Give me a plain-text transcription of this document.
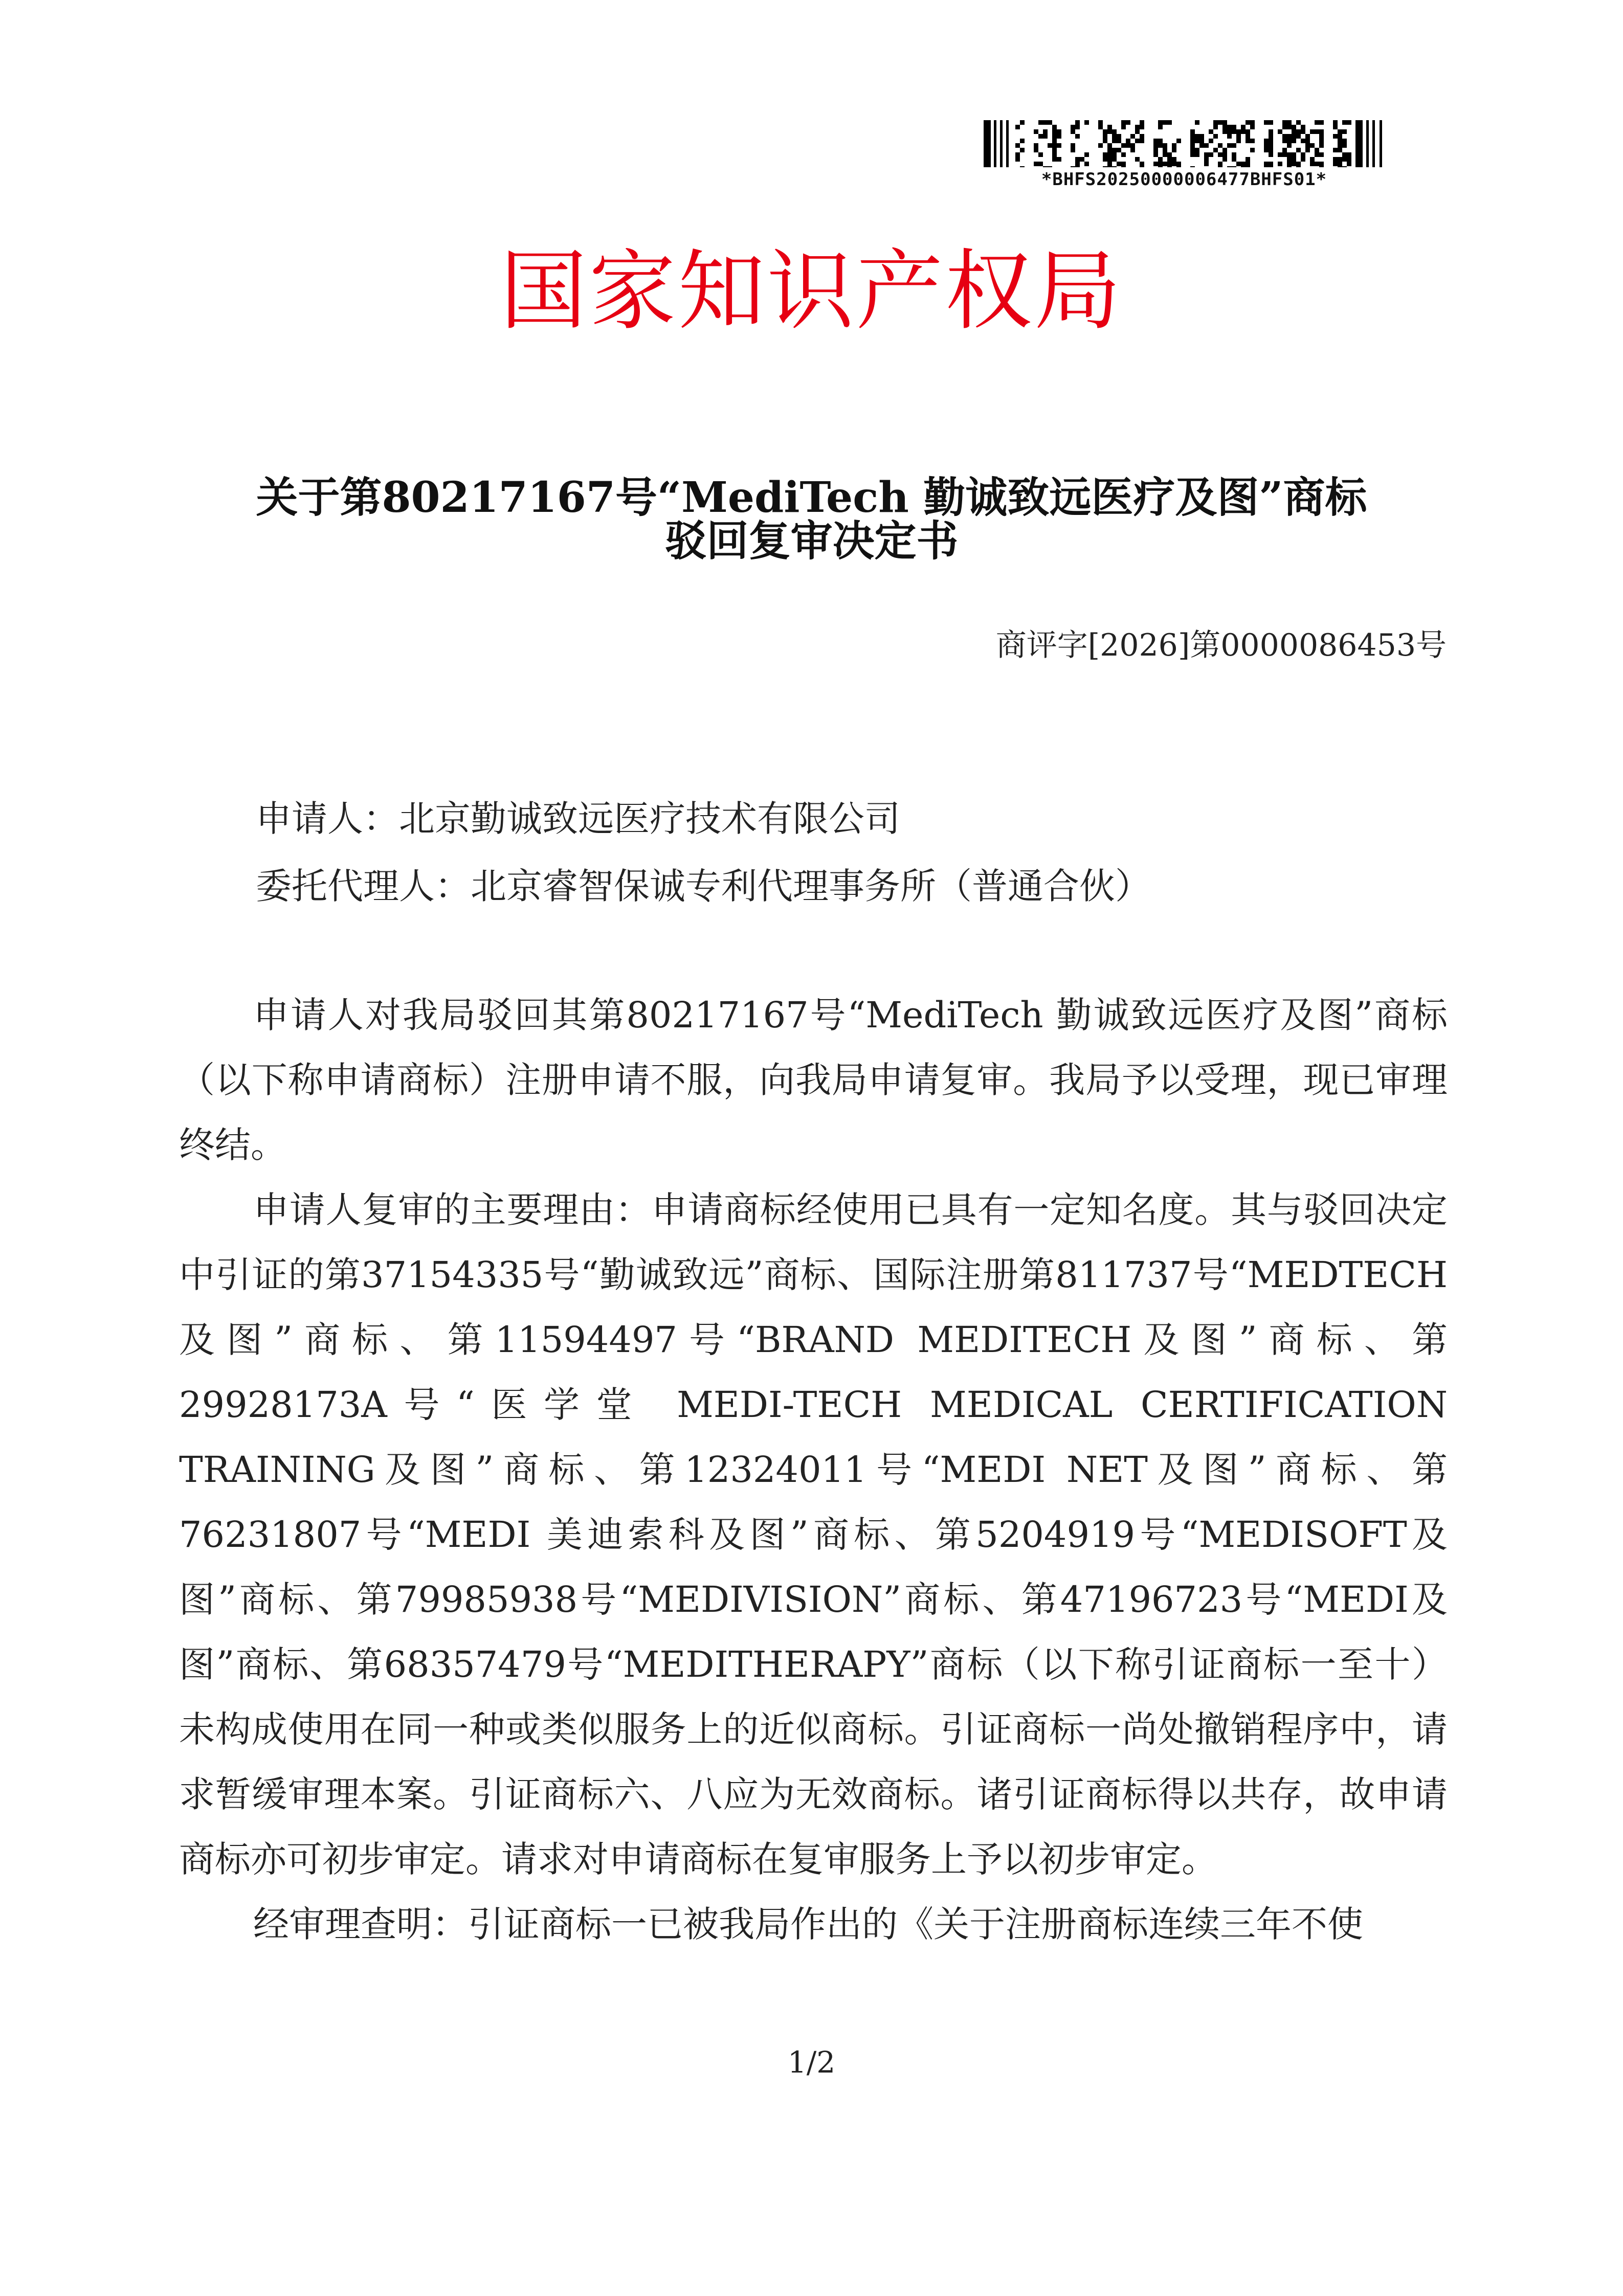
*BHFS20250000006477BHFS01*
国家知识产权局
关于第80217167号“MediTech 勤诚致远医疗及图”商标
驳回复审决定书
商评字[2026]第0000086453号
申请人：北京勤诚致远医疗技术有限公司
委托代理人：北京睿智保诚专利代理事务所（普通合伙）

申请人对我局驳回其第80217167号“MediTech 勤诚致远医疗及图”商标（以下称申请商标）注册申请不服，向我局申请复审。我局予以受理，现已审理终结。

申请人复审的主要理由：申请商标经使用已具有一定知名度。其与驳回决定中引证的第37154335号“勤诚致远”商标、国际注册第811737号“MEDTECH及图”商标、第11594497号“BRAND MEDITECH及图”商标、第29928173A号“医学堂 MEDI-TECH MEDICAL CERTIFICATION TRAINING及图”商标、第12324011号“MEDI NET及图”商标、第76231807号“MEDI 美迪索科及图”商标、第5204919号“MEDISOFT及图”商标、第79985938号“MEDIVISION”商标、第47196723号“MEDI及图”商标、第68357479号“MEDITHERAPY”商标（以下称引证商标一至十）未构成使用在同一种或类似服务上的近似商标。引证商标一尚处撤销程序中，请求暂缓审理本案。引证商标六、八应为无效商标。诸引证商标得以共存，故申请商标亦可初步审定。请求对申请商标在复审服务上予以初步审定。

经审理查明：引证商标一已被我局作出的《关于注册商标连续三年不使

1/2
